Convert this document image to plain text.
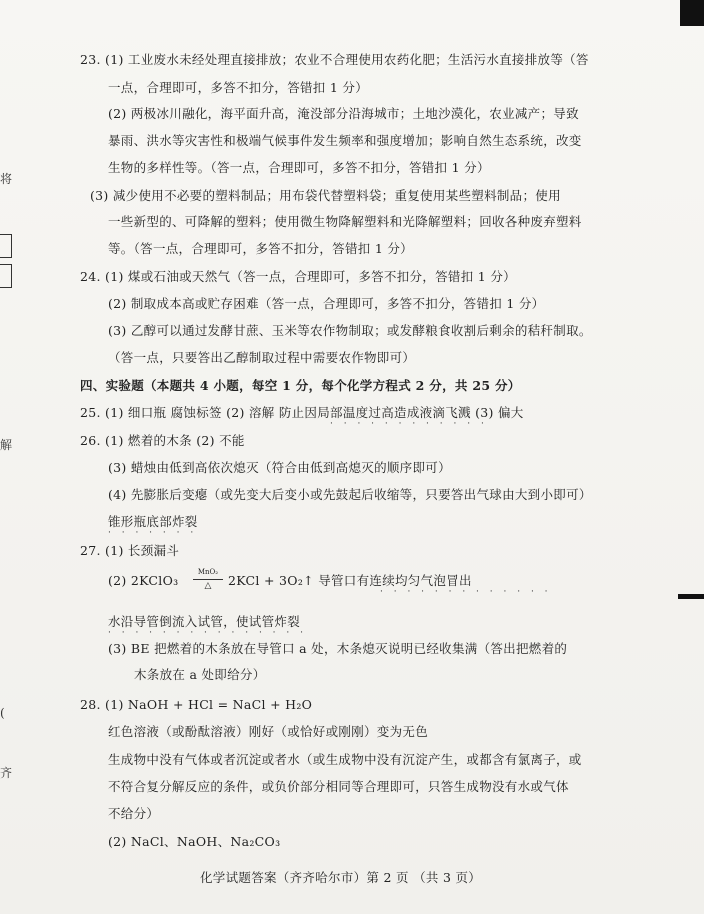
将
解
(
齐
23. (1) 工业废水未经处理直接排放；农业不合理使用农药化肥；生活污水直接排放等（答
一点，合理即可，多答不扣分，答错扣 1 分）
(2) 两极冰川融化，海平面升高，淹没部分沿海城市；土地沙漠化，农业减产；导致
暴雨、洪水等灾害性和极端气候事件发生频率和强度增加；影响自然生态系统，改变
生物的多样性等。（答一点，合理即可，多答不扣分，答错扣 1 分）
(3) 减少使用不必要的塑料制品；用布袋代替塑料袋；重复使用某些塑料制品；使用
一些新型的、可降解的塑料；使用微生物降解塑料和光降解塑料；回收各种废弃塑料
等。（答一点，合理即可，多答不扣分，答错扣 1 分）
24. (1) 煤或石油或天然气（答一点，合理即可，多答不扣分，答错扣 1 分）
(2) 制取成本高或贮存困难（答一点，合理即可，多答不扣分，答错扣 1 分）
(3) 乙醇可以通过发酵甘蔗、玉米等农作物制取；或发酵粮食收割后剩余的秸秆制取。
（答一点，只要答出乙醇制取过程中需要农作物即可）
四、实验题（本题共 4 小题，每空 1 分，每个化学方程式 2 分，共 25 分）
25. (1) 细口瓶 腐蚀标签 (2) 溶解 防止因局部温度过高造成液滴飞溅 (3) 偏大
· · · · · · · · · · · ·
26. (1) 燃着的木条 (2) 不能
(3) 蜡烛由低到高依次熄灭（符合由低到高熄灭的顺序即可）
(4) 先膨胀后变瘪（或先变大后变小或先鼓起后收缩等，只要答出气球由大到小即可）
锥形瓶底部炸裂
· · · · · · ·
27. (1) 长颈漏斗
(2) 2KClO₃
MnO₂
△	2KCl + 3O₂↑ 导管口有连续均匀气泡冒出
· · · · · · · · · · · · ·
水沿导管倒流入试管，使试管炸裂
· · · · · · · · · · · · · · ·
(3) BE 把燃着的木条放在导管口 a 处，木条熄灭说明已经收集满（答出把燃着的
木条放在 a 处即给分）
28. (1) NaOH + HCl = NaCl + H₂O
红色溶液（或酚酞溶液）刚好（或恰好或刚刚）变为无色
生成物中没有气体或者沉淀或者水（或生成物中没有沉淀产生，或都含有氯离子，或
不符合复分解反应的条件，或负价部分相同等合理即可，只答生成物没有水或气体
不给分）
(2) NaCl、NaOH、Na₂CO₃
化学试题答案（齐齐哈尔市）第 2 页 （共 3 页）
